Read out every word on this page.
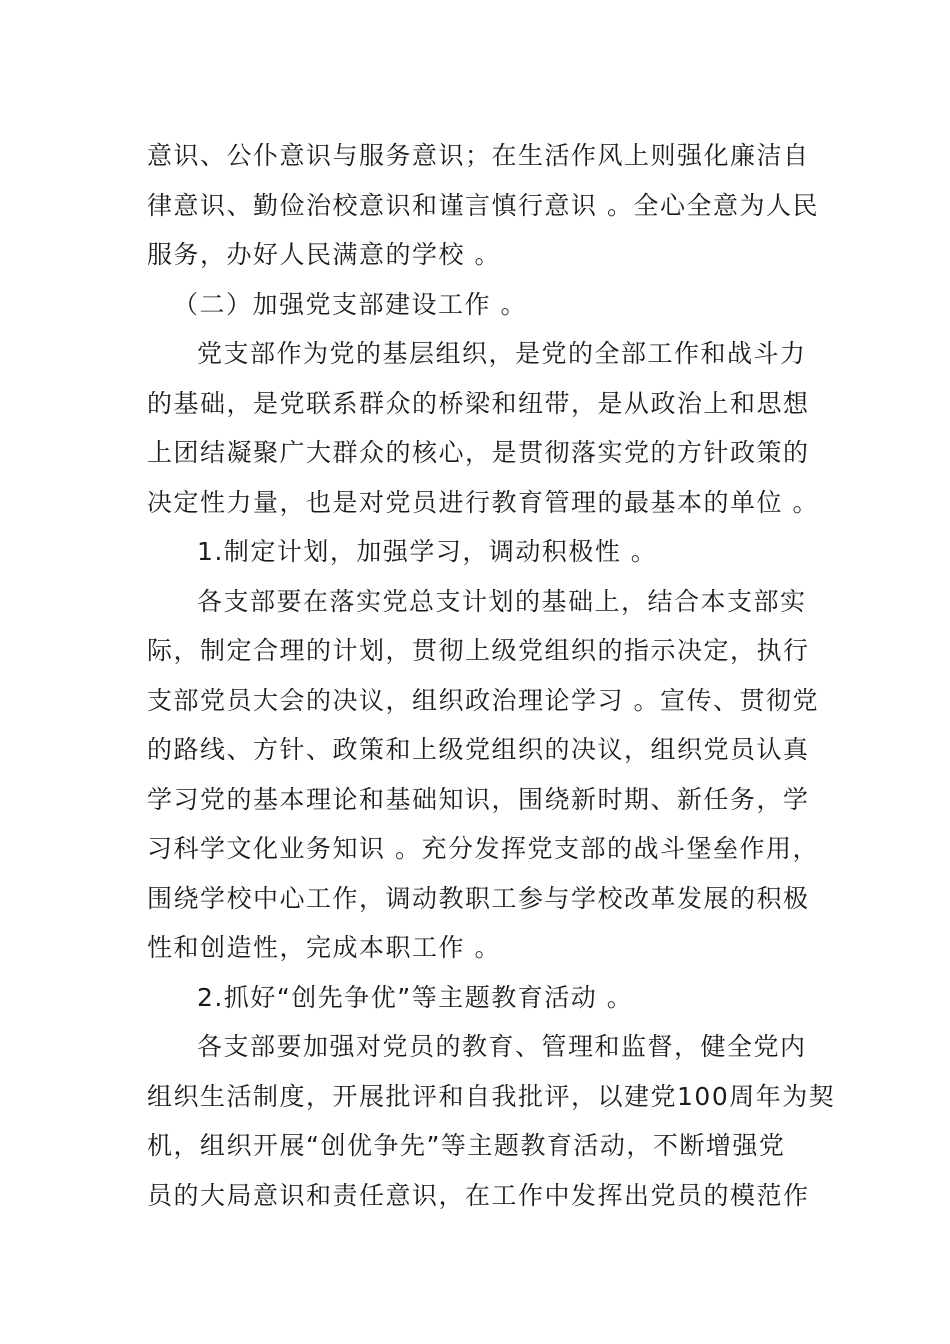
意识、公仆意识与服务意识；在生活作风上则强化廉洁自
律意识、勤俭治校意识和谨言慎行意识 。全心全意为人民
服务，办好人民满意的学校 。
（二）加强党支部建设工作 。
党支部作为党的基层组织，是党的全部工作和战斗力
的基础，是党联系群众的桥梁和纽带，是从政治上和思想
上团结凝聚广大群众的核心，是贯彻落实党的方针政策的
决定性力量，也是对党员进行教育管理的最基本的单位 。
1.制定计划，加强学习，调动积极性 。
各支部要在落实党总支计划的基础上，结合本支部实
际，制定合理的计划，贯彻上级党组织的指示决定，执行
支部党员大会的决议，组织政治理论学习 。宣传、贯彻党
的路线、方针、政策和上级党组织的决议，组织党员认真
学习党的基本理论和基础知识，围绕新时期、新任务，学
习科学文化业务知识 。充分发挥党支部的战斗堡垒作用，
围绕学校中心工作，调动教职工参与学校改革发展的积极
性和创造性，完成本职工作 。
2.抓好“创先争优”等主题教育活动 。
各支部要加强对党员的教育、管理和监督，健全党内
组织生活制度，开展批评和自我批评，以建党100周年为契
机，组织开展“创优争先”等主题教育活动，不断增强党
员的大局意识和责任意识，在工作中发挥出党员的模范作
